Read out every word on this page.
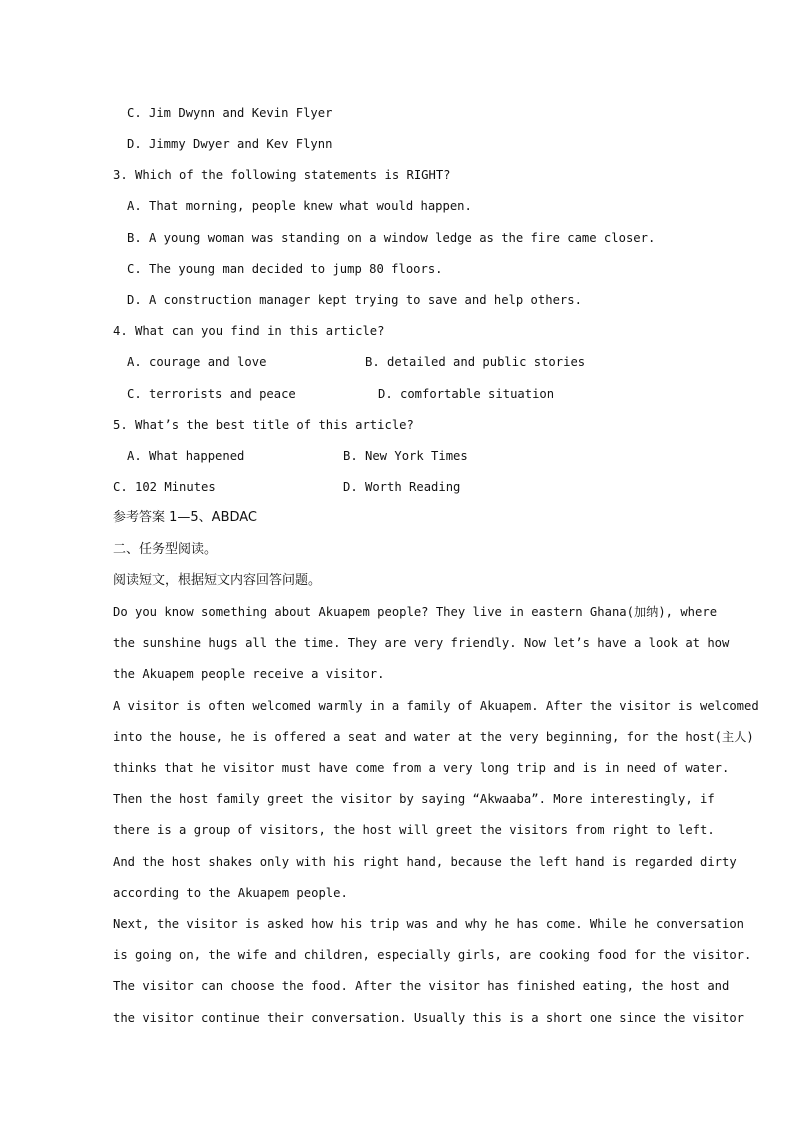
C. Jim Dwynn and Kevin Flyer
D. Jimmy Dwyer and Kev Flynn
3. Which of the following statements is RIGHT?
A. That morning, people knew what would happen.
B. A young woman was standing on a window ledge as the fire came closer.
C. The young man decided to jump 80 floors.
D. A construction manager kept trying to save and help others.
4. What can you find in this article?
A. courage and love	B. detailed and public stories
C. terrorists and peace	D. comfortable situation
5. What’s the best title of this article?
A. What happened	B. New York Times
C. 102 Minutes	D. Worth Reading
参考答案 1—5、ABDAC
二、任务型阅读。
阅读短文，根据短文内容回答问题。
Do you know something about Akuapem people? They live in eastern Ghana(加纳), where
the sunshine hugs all the time. They are very friendly. Now let’s have a look at how
the Akuapem people receive a visitor.
A visitor is often welcomed warmly in a family of Akuapem. After the visitor is welcomed
into the house, he is offered a seat and water at the very beginning, for the host(主人)
thinks that he visitor must have come from a very long trip and is in need of water.
Then the host family greet the visitor by saying “Akwaaba”. More interestingly, if
there is a group of visitors, the host will greet the visitors from right to left.
And the host shakes only with his right hand, because the left hand is regarded dirty
according to the Akuapem people.
Next, the visitor is asked how his trip was and why he has come. While he conversation
is going on, the wife and children, especially girls, are cooking food for the visitor.
The visitor can choose the food. After the visitor has finished eating, the host and
the visitor continue their conversation. Usually this is a short one since the visitor
